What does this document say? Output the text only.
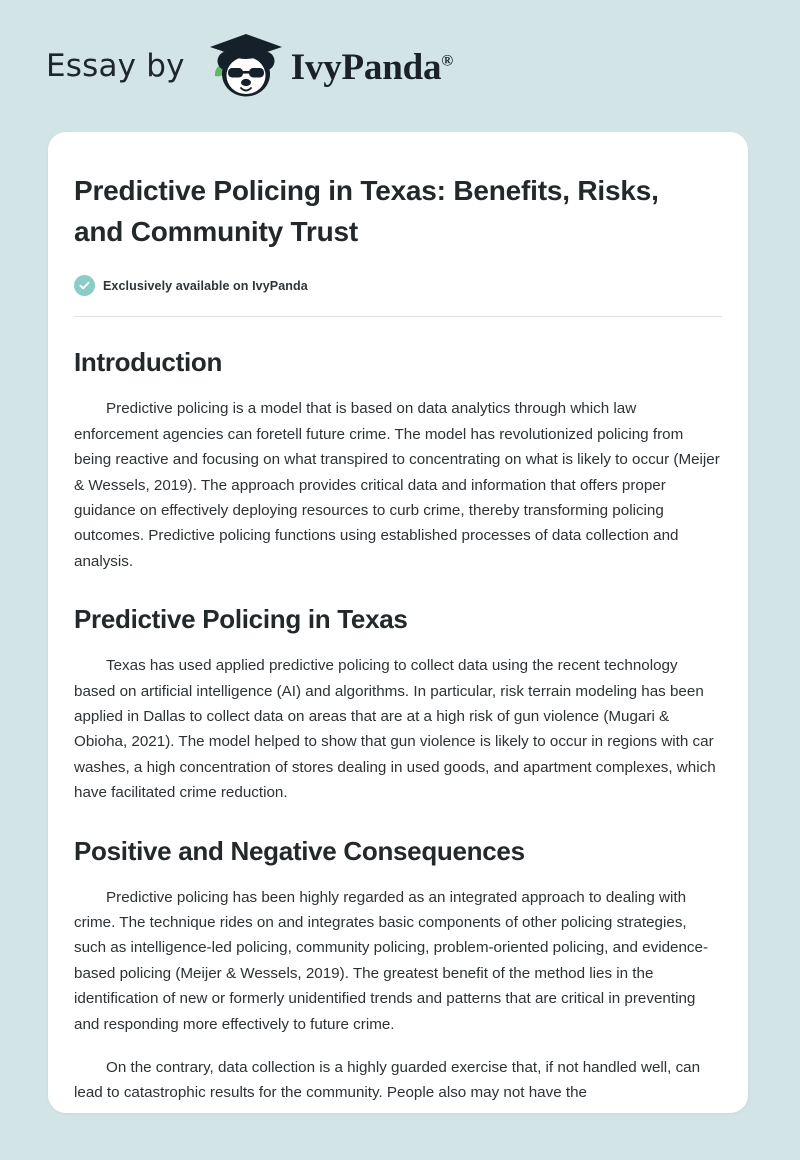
Essay by	IvyPanda®
Predictive Policing in Texas: Benefits, Risks, and Community Trust
Exclusively available on IvyPanda
Introduction

Predictive policing is a model that is based on data analytics through which law enforcement agencies can foretell future crime. The model has revolutionized policing from being reactive and focusing on what transpired to concentrating on what is likely to occur (Meijer & Wessels, 2019). The approach provides critical data and information that offers proper guidance on effectively deploying resources to curb crime, thereby transforming policing outcomes. Predictive policing functions using established processes of data collection and analysis.

Predictive Policing in Texas

Texas has used applied predictive policing to collect data using the recent technology based on artificial intelligence (AI) and algorithms. In particular, risk terrain modeling has been applied in Dallas to collect data on areas that are at a high risk of gun violence (Mugari & Obioha, 2021). The model helped to show that gun violence is likely to occur in regions with car washes, a high concentration of stores dealing in used goods, and apartment complexes, which have facilitated crime reduction.

Positive and Negative Consequences

Predictive policing has been highly regarded as an integrated approach to dealing with crime. The technique rides on and integrates basic components of other policing strategies, such as intelligence-led policing, community policing, problem-oriented policing, and evidence-based policing (Meijer & Wessels, 2019). The greatest benefit of the method lies in the identification of new or formerly unidentified trends and patterns that are critical in preventing and responding more effectively to future crime.

On the contrary, data collection is a highly guarded exercise that, if not handled well, can lead to catastrophic results for the community. People also may not have the
